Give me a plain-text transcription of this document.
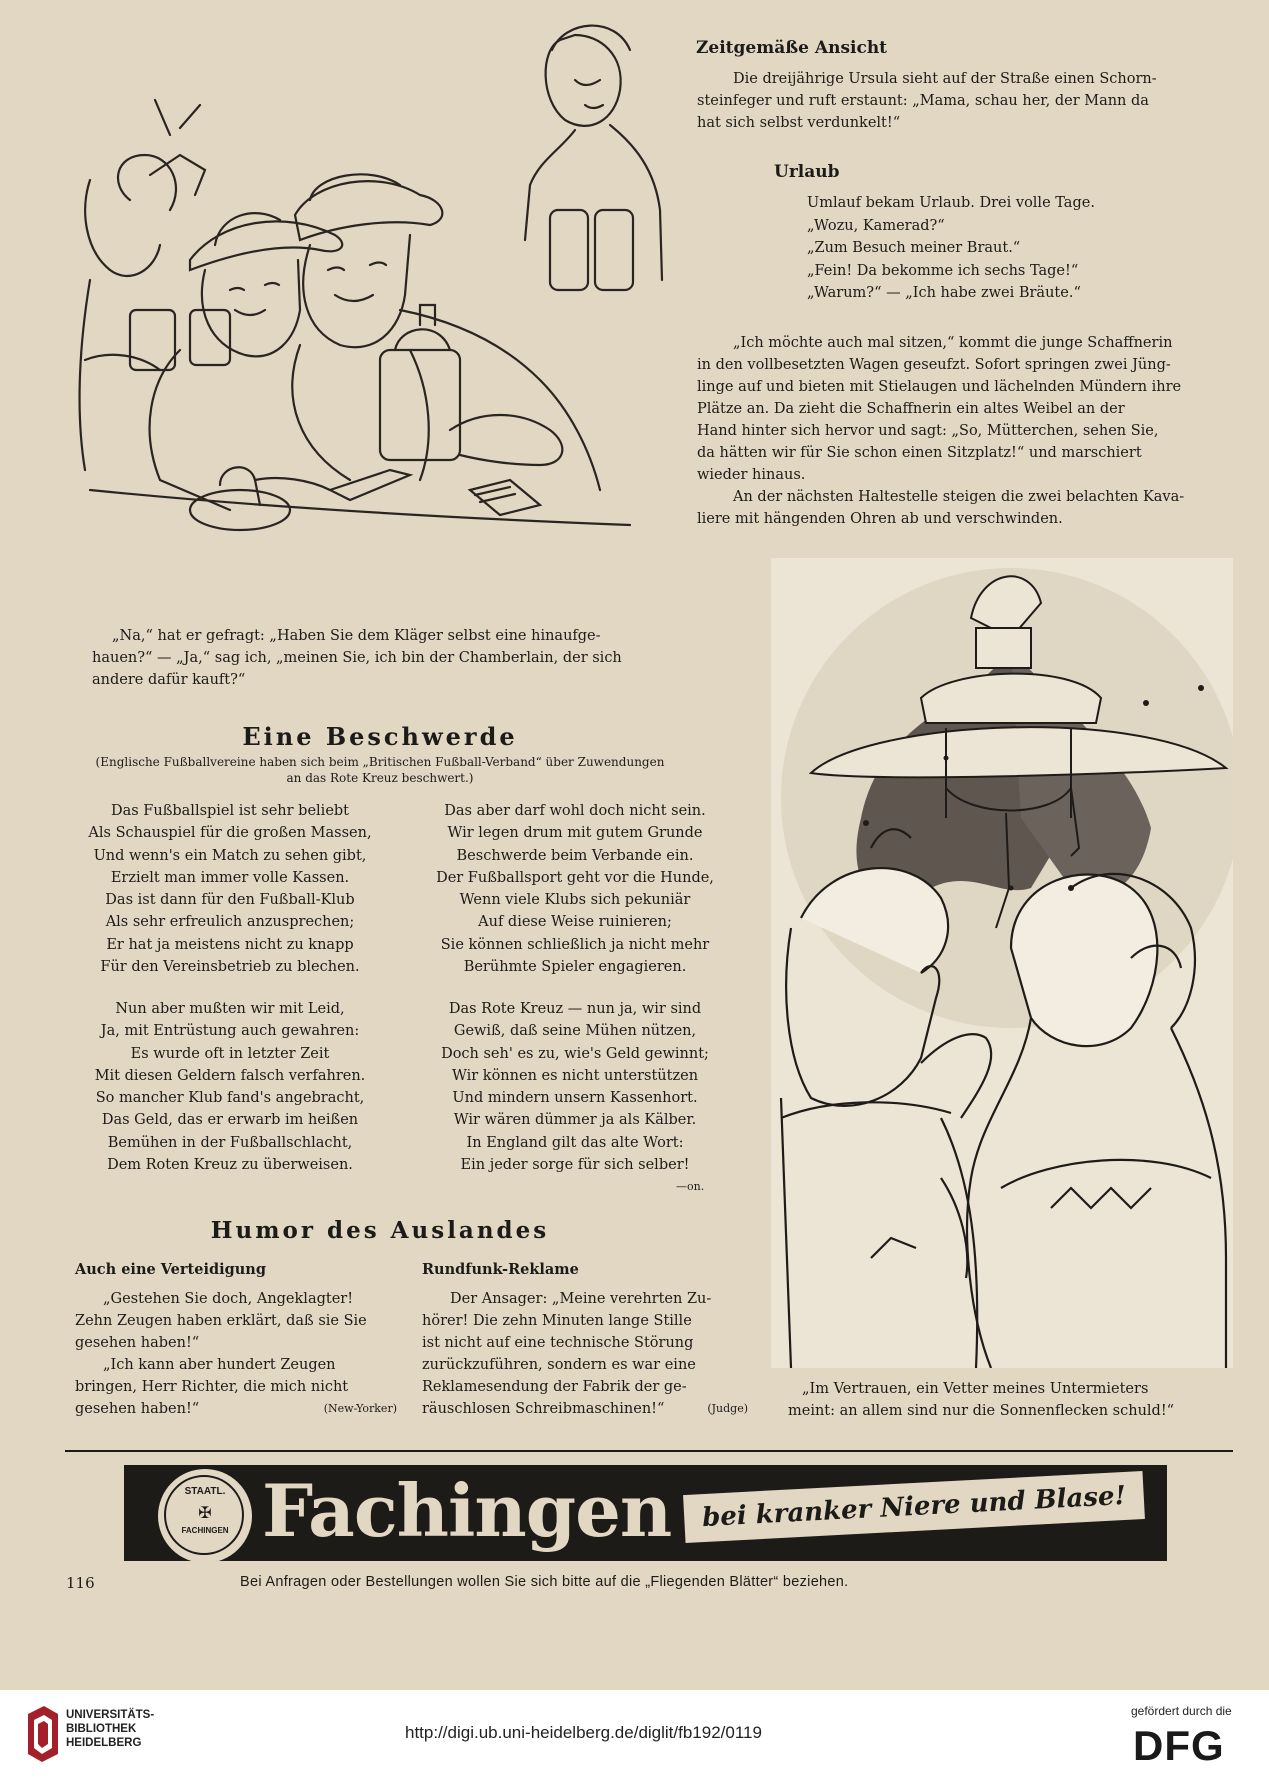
Zeitgemäße Ansicht
Die dreijährige Ursula sieht auf der Straße einen Schorn-
steinfeger und ruft erstaunt: „Mama, schau her, der Mann da
hat sich selbst verdunkelt!“
Urlaub
Umlauf bekam Urlaub. Drei volle Tage.
„Wozu, Kamerad?“
„Zum Besuch meiner Braut.“
„Fein! Da bekomme ich sechs Tage!“
„Warum?“ — „Ich habe zwei Bräute.“
„Ich möchte auch mal sitzen,“ kommt die junge Schaffnerin
in den vollbesetzten Wagen geseufzt. Sofort springen zwei Jüng-
linge auf und bieten mit Stielaugen und lächelnden Mündern ihre
Plätze an. Da zieht die Schaffnerin ein altes Weibel an der
Hand hinter sich hervor und sagt: „So, Mütterchen, sehen Sie,
da hätten wir für Sie schon einen Sitzplatz!“ und marschiert
wieder hinaus.
An der nächsten Haltestelle steigen die zwei belachten Kava-
liere mit hängenden Ohren ab und verschwinden.
„Na,“ hat er gefragt: „Haben Sie dem Kläger selbst eine hinaufge-
hauen?“ — „Ja,“ sag ich, „meinen Sie, ich bin der Chamberlain, der sich
andere dafür kauft?“
Eine Beschwerde
(Englische Fußballvereine haben sich beim „Britischen Fußball-Verband“ über Zuwendungen
an das Rote Kreuz beschwert.)
Das Fußballspiel ist sehr beliebt
Als Schauspiel für die großen Massen,
Und wenn's ein Match zu sehen gibt,
Erzielt man immer volle Kassen.
Das ist dann für den Fußball-Klub
Als sehr erfreulich anzusprechen;
Er hat ja meistens nicht zu knapp
Für den Vereinsbetrieb zu blechen.
Das aber darf wohl doch nicht sein.
Wir legen drum mit gutem Grunde
Beschwerde beim Verbande ein.
Der Fußballsport geht vor die Hunde,
Wenn viele Klubs sich pekuniär
Auf diese Weise ruinieren;
Sie können schließlich ja nicht mehr
Berühmte Spieler engagieren.
Nun aber mußten wir mit Leid,
Ja, mit Entrüstung auch gewahren:
Es wurde oft in letzter Zeit
Mit diesen Geldern falsch verfahren.
So mancher Klub fand's angebracht,
Das Geld, das er erwarb im heißen
Bemühen in der Fußballschlacht,
Dem Roten Kreuz zu überweisen.
Das Rote Kreuz — nun ja, wir sind
Gewiß, daß seine Mühen nützen,
Doch seh' es zu, wie's Geld gewinnt;
Wir können es nicht unterstützen
Und mindern unsern Kassenhort.
Wir wären dümmer ja als Kälber.
In England gilt das alte Wort:
Ein jeder sorge für sich selber!
—on.
Humor des Auslandes
Auch eine Verteidigung
„Gestehen Sie doch, Angeklagter!
Zehn Zeugen haben erklärt, daß sie Sie
gesehen haben!“
„Ich kann aber hundert Zeugen
bringen, Herr Richter, die mich nicht
gesehen haben!“	(New-Yorker)
Rundfunk-Reklame
Der Ansager: „Meine verehrten Zu-
hörer! Die zehn Minuten lange Stille
ist nicht auf eine technische Störung
zurückzuführen, sondern es war eine
Reklamesendung der Fabrik der ge-
räuschlosen Schreibmaschinen!“	(Judge)
„Im Vertrauen, ein Vetter meines Untermieters
meint: an allem sind nur die Sonnenflecken schuld!“
STAATL.
✠
FACHINGEN Fachingen	bei kranker Niere und Blase!
116	Bei Anfragen oder Bestellungen wollen Sie sich bitte auf die „Fliegenden Blätter“ beziehen.
UNIVERSITÄTS-
BIBLIOTHEK
HEIDELBERG
http://digi.ub.uni-heidelberg.de/diglit/fb192/0119
gefördert durch die
DFG
